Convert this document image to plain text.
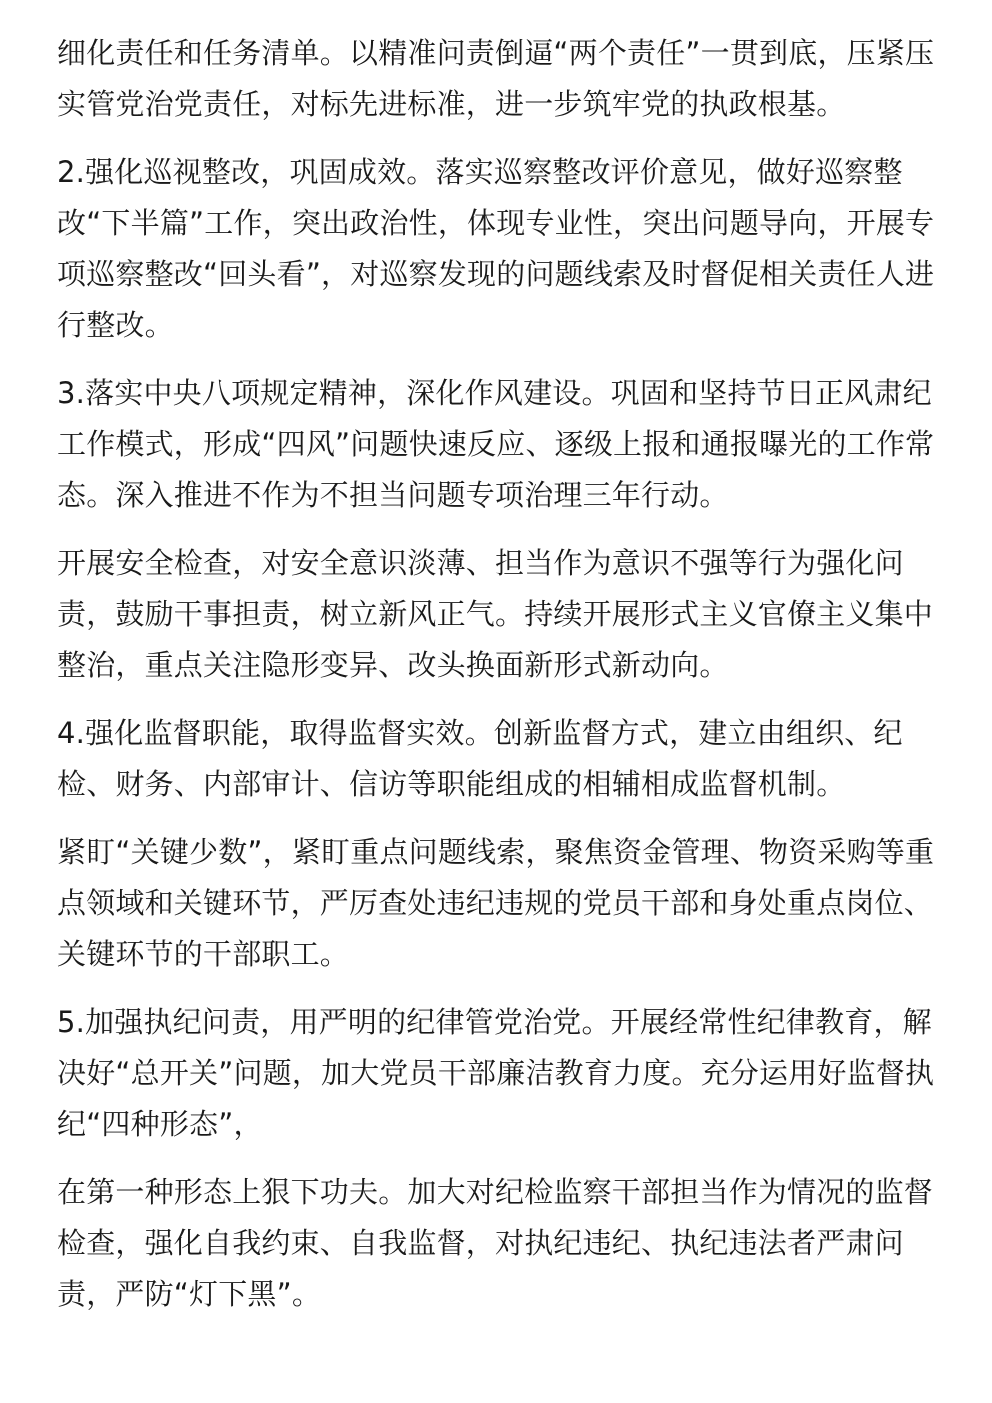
细化责任和任务清单。以精准问责倒逼“两个责任”一贯到底，压紧压实管党治党责任，对标先进标准，进一步筑牢党的执政根基。

2.强化巡视整改，巩固成效。落实巡察整改评价意见，做好巡察整改“下半篇”工作，突出政治性，体现专业性，突出问题导向，开展专项巡察整改“回头看”，对巡察发现的问题线索及时督促相关责任人进行整改。

3.落实中央八项规定精神，深化作风建设。巩固和坚持节日正风肃纪工作模式，形成“四风”问题快速反应、逐级上报和通报曝光的工作常态。深入推进不作为不担当问题专项治理三年行动。

开展安全检查，对安全意识淡薄、担当作为意识不强等行为强化问责，鼓励干事担责，树立新风正气。持续开展形式主义官僚主义集中整治，重点关注隐形变异、改头换面新形式新动向。

4.强化监督职能，取得监督实效。创新监督方式，建立由组织、纪检、财务、内部审计、信访等职能组成的相辅相成监督机制。

紧盯“关键少数”，紧盯重点问题线索，聚焦资金管理、物资采购等重点领域和关键环节，严厉查处违纪违规的党员干部和身处重点岗位、关键环节的干部职工。

5.加强执纪问责，用严明的纪律管党治党。开展经常性纪律教育，解决好“总开关”问题，加大党员干部廉洁教育力度。充分运用好监督执纪“四种形态”，

在第一种形态上狠下功夫。加大对纪检监察干部担当作为情况的监督检查，强化自我约束、自我监督，对执纪违纪、执纪违法者严肃问责，严防“灯下黑”。
